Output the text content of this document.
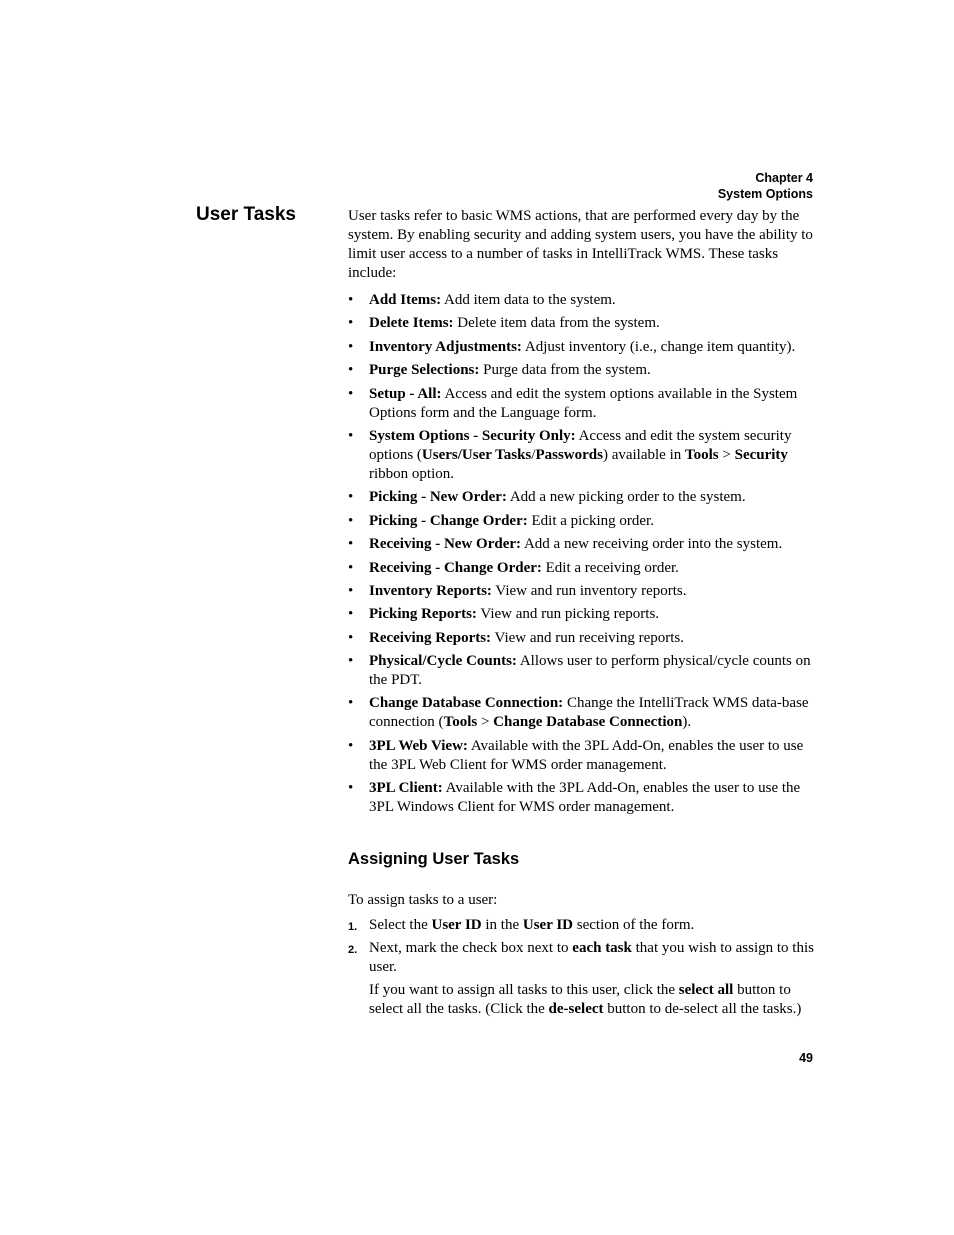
Chapter 4
System Options
User Tasks	User tasks refer to basic WMS actions, that are performed every day by the system. By enabling security and adding system users, you have the ability to limit user access to a number of tasks in IntelliTrack WMS. These tasks include:

• Add Items: Add item data to the system.
• Delete Items: Delete item data from the system.
• Inventory Adjustments: Adjust inventory (i.e., change item quantity).
• Purge Selections: Purge data from the system.
• Setup - All: Access and edit the system options available in the System Options form and the Language form.
• System Options - Security Only: Access and edit the system security options (Users/User Tasks/Passwords) available in Tools > Security ribbon option.
• Picking - New Order: Add a new picking order to the system.
• Picking - Change Order: Edit a picking order.
• Receiving - New Order: Add a new receiving order into the system.
• Receiving - Change Order: Edit a receiving order.
• Inventory Reports: View and run inventory reports.
• Picking Reports: View and run picking reports.
• Receiving Reports: View and run receiving reports.
• Physical/Cycle Counts: Allows user to perform physical/cycle counts on the PDT.
• Change Database Connection: Change the IntelliTrack WMS data-base connection (Tools > Change Database Connection).
• 3PL Web View: Available with the 3PL Add-On, enables the user to use the 3PL Web Client for WMS order management.
• 3PL Client: Available with the 3PL Add-On, enables the user to use the 3PL Windows Client for WMS order management.
Assigning User Tasks

To assign tasks to a user:

1. Select the User ID in the User ID section of the form.
2. Next, mark the check box next to each task that you wish to assign to this user.

If you want to assign all tasks to this user, click the select all button to select all the tasks. (Click the de-select button to de-select all the tasks.)

49
